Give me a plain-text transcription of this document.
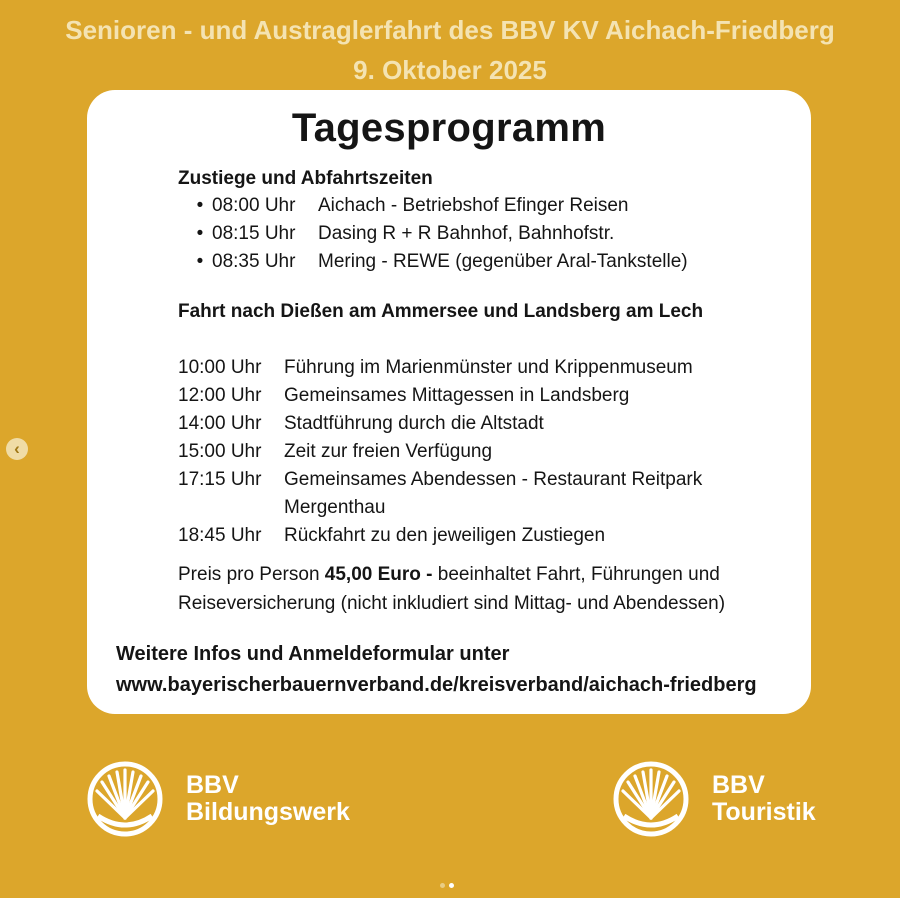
Senioren - und Austraglerfahrt des BBV KV Aichach-Friedberg
9. Oktober 2025
‹
Tagesprogramm
Zustiege und Abfahrtszeiten
• 08:00 Uhr	Aichach - Betriebshof Efinger Reisen
• 08:15 Uhr	Dasing R + R Bahnhof, Bahnhofstr.
• 08:35 Uhr	Mering - REWE (gegenüber Aral-Tankstelle)
Fahrt nach Dießen am Ammersee und Landsberg am Lech
10:00 Uhr	Führung im Marienmünster und Krippenmuseum
12:00 Uhr	Gemeinsames Mittagessen in Landsberg
14:00 Uhr	Stadtführung durch die Altstadt
15:00 Uhr	Zeit zur freien Verfügung
17:15 Uhr	Gemeinsames Abendessen - Restaurant Reitpark Mergenthau
18:45 Uhr	Rückfahrt zu den jeweiligen Zustiegen
Preis pro Person 45,00 Euro - beeinhaltet Fahrt, Führungen und Reiseversicherung (nicht inkludiert sind Mittag- und Abendessen)
Weitere Infos und Anmeldeformular unter
www.bayerischerbauernverband.de/kreisverband/aichach-friedberg
BBV
Bildungswerk
BBV
Touristik
